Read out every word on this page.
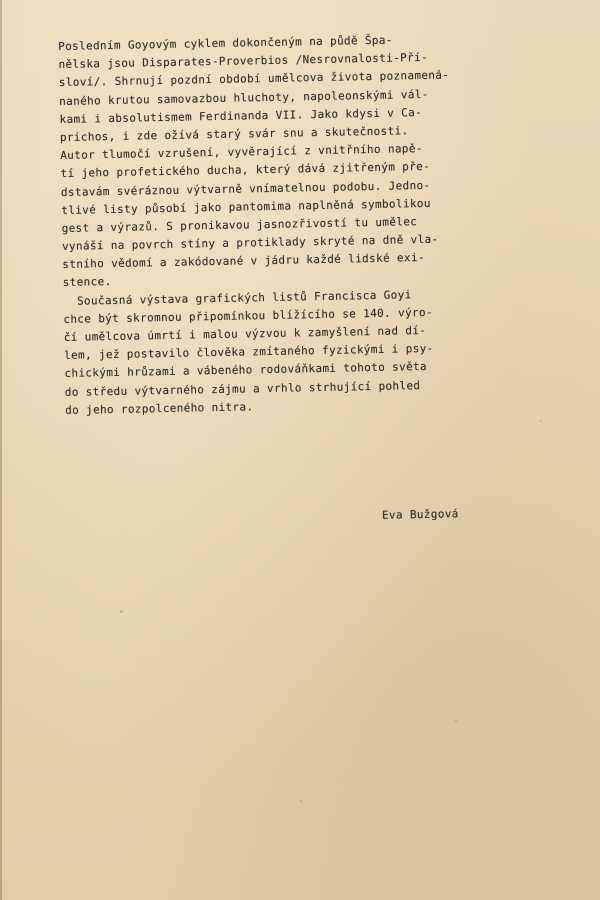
Posledním Goyovým cyklem dokončeným na půdě Špa-
nělska jsou Disparates-Proverbios /Nesrovnalosti-Pří-
sloví/. Shrnují pozdní období umělcova života poznamená-
naného krutou samovazbou hluchoty, napoleonskými vál-
kami i absolutismem Ferdinanda VII. Jako kdysi v Ca-
prichos, i zde ožívá starý svár snu a skutečnosti.
Autor tlumočí vzrušení, vyvěrající z vnitřního napě-
tí jeho profetického ducha, který dává zjitřeným pře-
dstavám svéráznou výtvarně vnímatelnou podobu. Jedno-
tlivé listy působí jako pantomima naplněná symbolikou
gest a výrazů. S pronikavou jasnozřivostí tu umělec
vynáší na povrch stíny a protiklady skryté na dně vla-
stního vědomí a zakódované v jádru každé lidské exi-
stence.
Současná výstava grafických listů Francisca Goyi
chce být skromnou připomínkou blížícího se 140. výro-
čí umělcova úmrtí i malou výzvou k zamyšlení nad dí-
lem, jež postavilo člověka zmítaného fyzickými i psy-
chickými hrůzami a vábeného rodováňkami tohoto světa
do středu výtvarného zájmu a vrhlo strhující pohled
do jeho rozpolceného nitra.
Eva Bužgová
